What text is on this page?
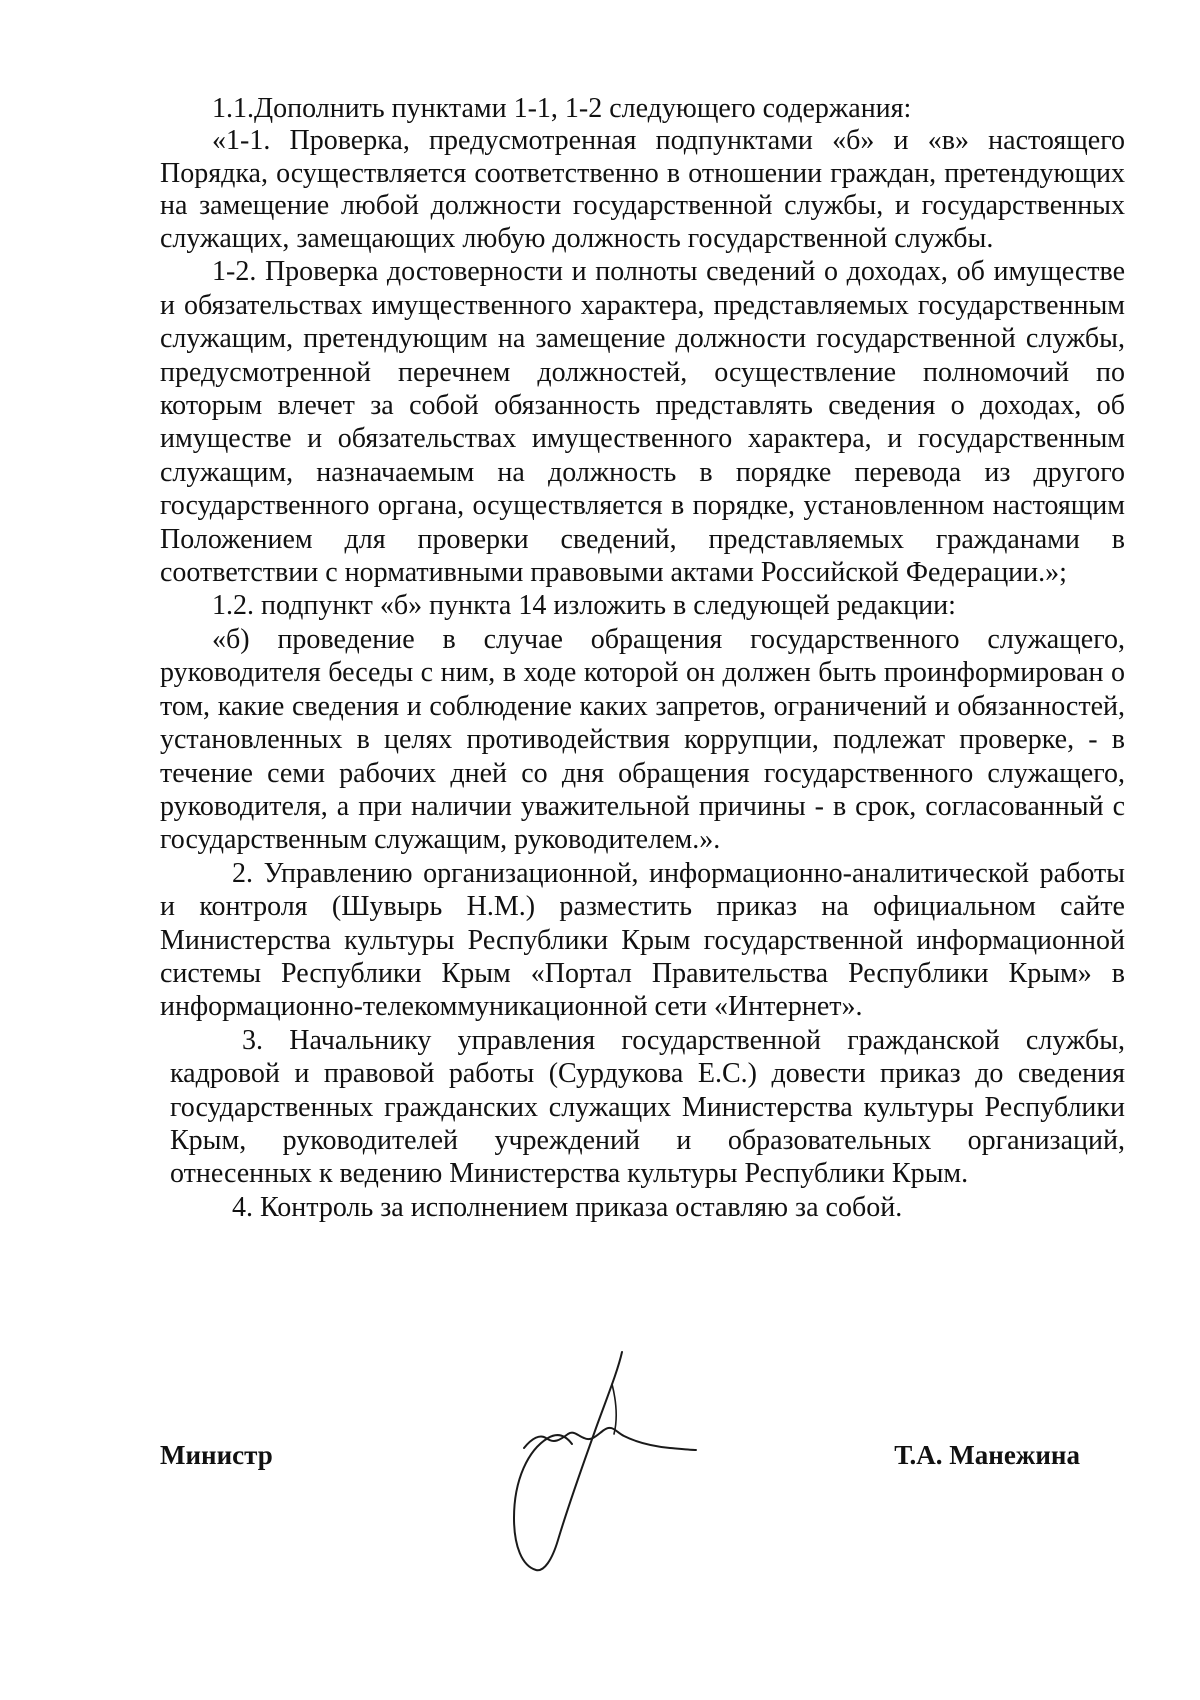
1.1.Дополнить пунктами 1-1, 1-2 следующего содержания:

«1-1. Проверка, предусмотренная подпунктами «б» и «в» настоящего Порядка, осуществляется соответственно в отношении граждан, претендующих на замещение любой должности государственной службы, и государственных служащих, замещающих любую должность государственной службы.

1-2. Проверка достоверности и полноты сведений о доходах, об имуществе и обязательствах имущественного характера, представляемых государственным служащим, претендующим на замещение должности государственной службы, предусмотренной перечнем должностей, осуществление полномочий по которым влечет за собой обязанность представлять сведения о доходах, об имуществе и обязательствах имущественного характера, и государственным служащим, назначаемым на должность в порядке перевода из другого государственного органа, осуществляется в порядке, установленном настоящим Положением для проверки сведений, представляемых гражданами в соответствии с нормативными правовыми актами Российской Федерации.»;

1.2. подпункт «б» пункта 14 изложить в следующей редакции:

«б) проведение в случае обращения государственного служащего, руководителя беседы с ним, в ходе которой он должен быть проинформирован о том, какие сведения и соблюдение каких запретов, ограничений и обязанностей, установленных в целях противодействия коррупции, подлежат проверке, - в течение семи рабочих дней со дня обращения государственного служащего, руководителя, а при наличии уважительной причины - в срок, согласованный с государственным служащим, руководителем.».

2. Управлению организационной, информационно-аналитической работы и контроля (Шувырь Н.М.) разместить приказ на официальном сайте Министерства культуры Республики Крым государственной информационной системы Республики Крым «Портал Правительства Республики Крым» в информационно-телекоммуникационной сети «Интернет».

3. Начальнику управления государственной гражданской службы, кадровой и правовой работы (Сурдукова Е.С.) довести приказ до сведения государственных гражданских служащих Министерства культуры Республики Крым, руководителей учреждений и образовательных организаций, отнесенных к ведению Министерства культуры Республики Крым.

4. Контроль за исполнением приказа оставляю за собой.

Министр	Т.А. Манежина
